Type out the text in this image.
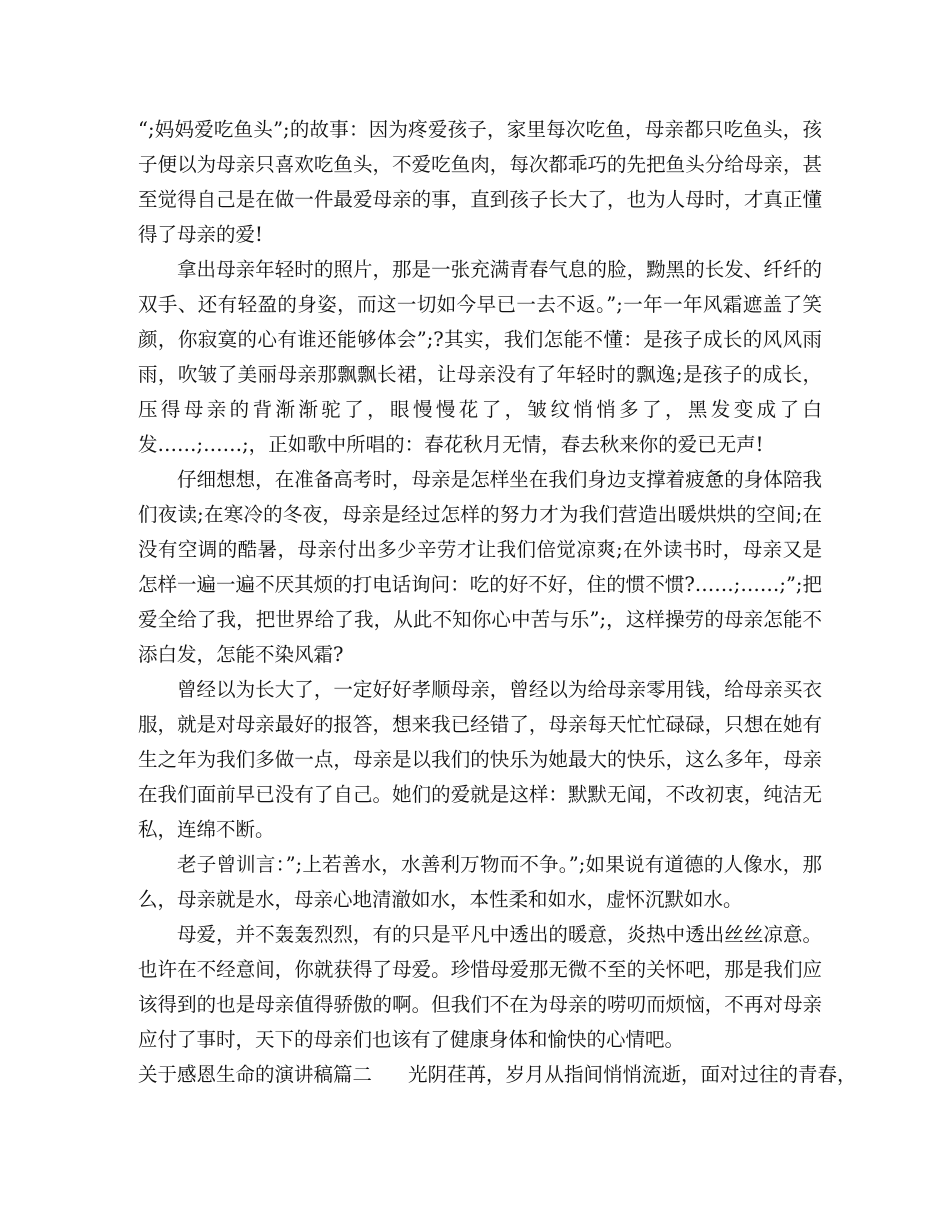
“;妈妈爱吃鱼头”;的故事：因为疼爱孩子，家里每次吃鱼，母亲都只吃鱼头，孩子便以为母亲只喜欢吃鱼头，不爱吃鱼肉，每次都乖巧的先把鱼头分给母亲，甚至觉得自己是在做一件最爱母亲的事，直到孩子长大了，也为人母时，才真正懂得了母亲的爱!

拿出母亲年轻时的照片，那是一张充满青春气息的脸，黝黑的长发、纤纤的双手、还有轻盈的身姿，而这一切如今早已一去不返。”;一年一年风霜遮盖了笑颜，你寂寞的心有谁还能够体会”;?其实，我们怎能不懂：是孩子成长的风风雨雨，吹皱了美丽母亲那飘飘长裙，让母亲没有了年轻时的飘逸;是孩子的成长，压得母亲的背渐渐驼了，眼慢慢花了，皱纹悄悄多了，黑发变成了白发……;……;，正如歌中所唱的：春花秋月无情，春去秋来你的爱已无声!

仔细想想，在准备高考时，母亲是怎样坐在我们身边支撑着疲惫的身体陪我们夜读;在寒冷的冬夜，母亲是经过怎样的努力才为我们营造出暖烘烘的空间;在没有空调的酷暑，母亲付出多少辛劳才让我们倍觉凉爽;在外读书时，母亲又是怎样一遍一遍不厌其烦的打电话询问：吃的好不好，住的惯不惯?……;……;”;把爱全给了我，把世界给了我，从此不知你心中苦与乐”;，这样操劳的母亲怎能不添白发，怎能不染风霜?

曾经以为长大了，一定好好孝顺母亲，曾经以为给母亲零用钱，给母亲买衣服，就是对母亲最好的报答，想来我已经错了，母亲每天忙忙碌碌，只想在她有生之年为我们多做一点，母亲是以我们的快乐为她最大的快乐，这么多年，母亲在我们面前早已没有了自己。她们的爱就是这样：默默无闻，不改初衷，纯洁无私，连绵不断。

老子曾训言：”;上若善水，水善利万物而不争。”;如果说有道德的人像水，那么，母亲就是水，母亲心地清澈如水，本性柔和如水，虚怀沉默如水。

母爱，并不轰轰烈烈，有的只是平凡中透出的暖意，炎热中透出丝丝凉意。也许在不经意间，你就获得了母爱。珍惜母爱那无微不至的关怀吧，那是我们应该得到的也是母亲值得骄傲的啊。但我们不在为母亲的唠叨而烦恼，不再对母亲应付了事时，天下的母亲们也该有了健康身体和愉快的心情吧。

关于感恩生命的演讲稿篇二 光阴荏苒，岁月从指间悄悄流逝，面对过往的青春，
